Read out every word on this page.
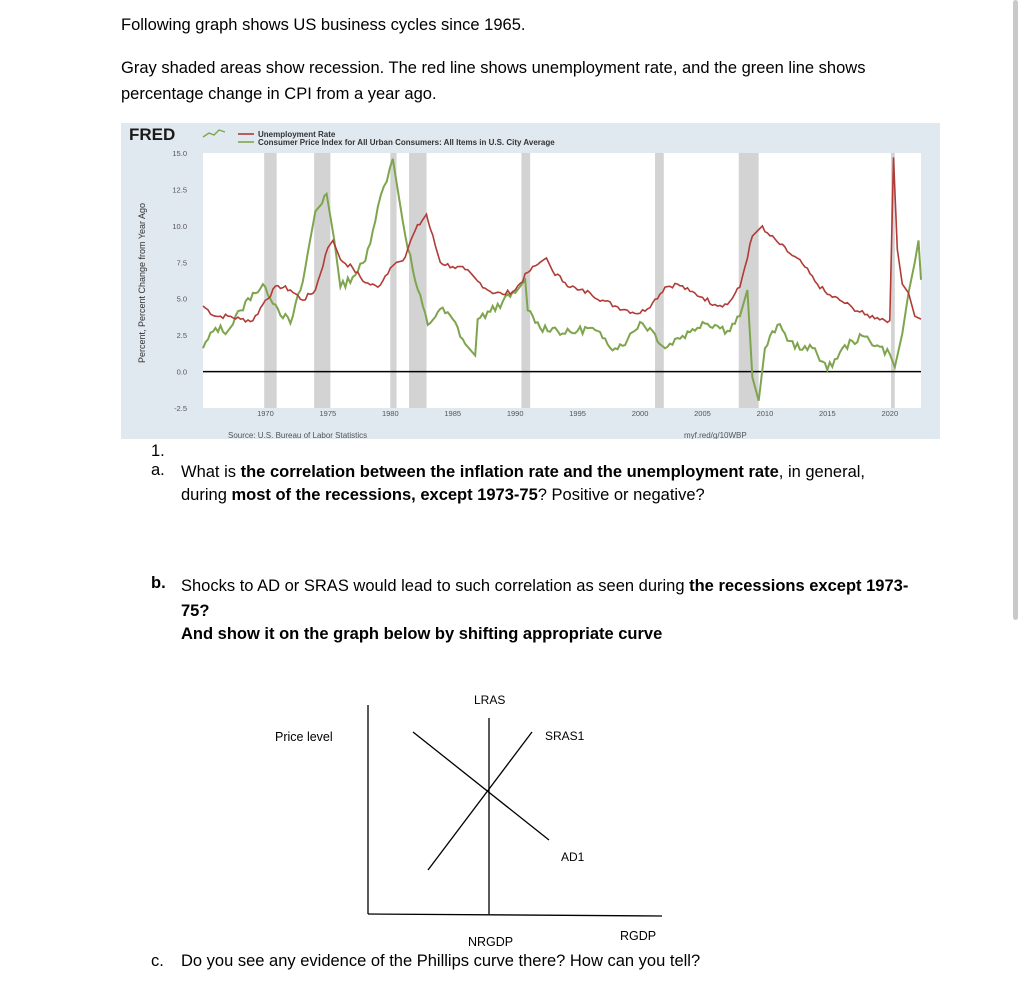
Following graph shows US business cycles since 1965.
Gray shaded areas show recession. The red line shows unemployment rate, and the green line shows percentage change in CPI from a year ago.
15.0
12.5
10.0
7.5
5.0
2.5
0.0
-2.5
1970	1975	1980	1985	1990	1995	2000	2005	2010	2015	2020
FRED	Unemployment Rate
Consumer Price Index for All Urban Consumers: All Items in U.S. City Average
Percent, Percent Change from Year Ago
Source: U.S. Bureau of Labor Statistics	myf.red/g/10WBP
1.
a. What is the correlation between the inflation rate and the unemployment rate, in general, during most of the recessions, except 1973-75? Positive or negative?
b. Shocks to AD or SRAS would lead to such correlation as seen during the recessions except 1973-75?
And show it on the graph below by shifting appropriate curve
Price level
LRAS
SRAS1
AD1
NRGDP	RGDP
c. Do you see any evidence of the Phillips curve there? How can you tell?
